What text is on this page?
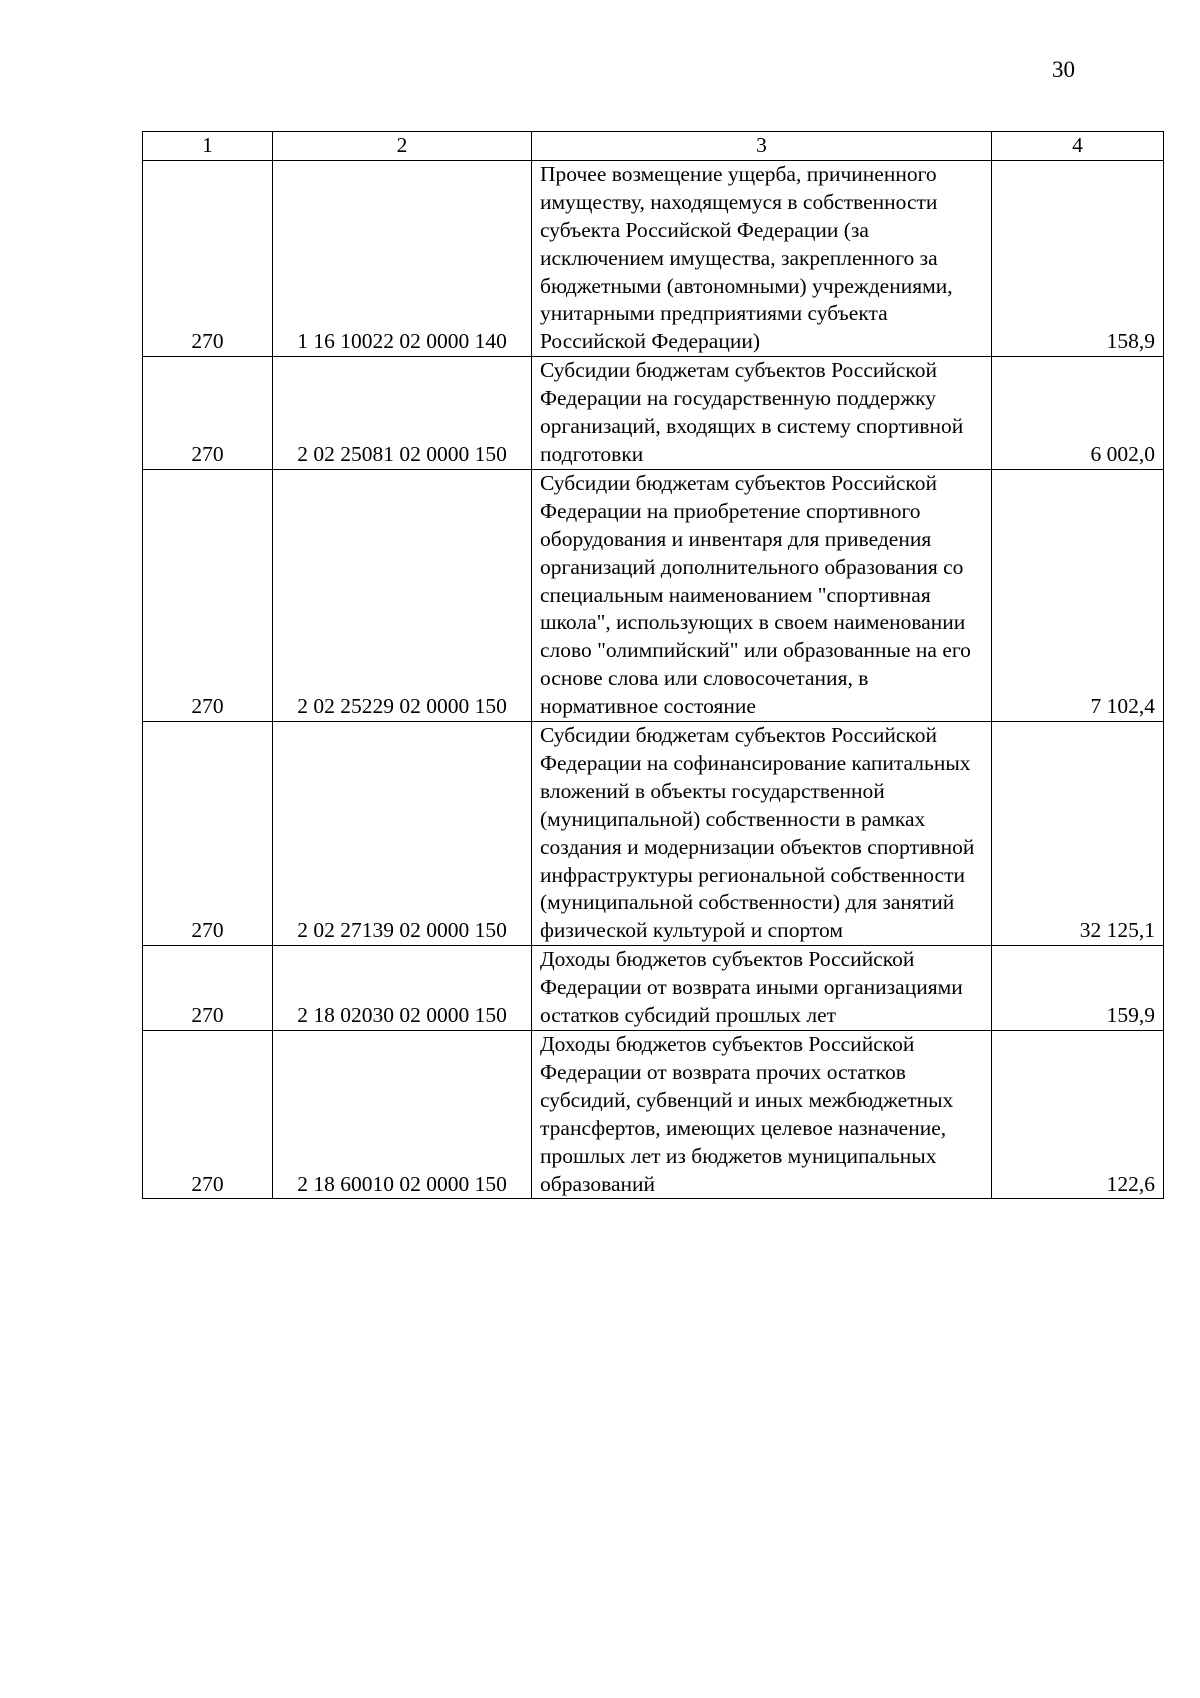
30
1	2	3	4
270	1 16 10022 02 0000 140	Прочее возмещение ущерба, причиненного имуществу, находящемуся в собственности субъекта Российской Федерации (за исключением имущества, закрепленного за бюджетными (автономными) учреждениями, унитарными предприятиями субъекта Российской Федерации)	158,9
270	2 02 25081 02 0000 150	Субсидии бюджетам субъектов Российской Федерации на государственную поддержку организаций, входящих в систему спортивной подготовки	6 002,0
270	2 02 25229 02 0000 150	Субсидии бюджетам субъектов Российской Федерации на приобретение спортивного оборудования и инвентаря для приведения организаций дополнительного образования со специальным наименованием "спортивная школа", использующих в своем наименовании слово "олимпийский" или образованные на его основе слова или словосочетания, в нормативное состояние	7 102,4
270	2 02 27139 02 0000 150	Субсидии бюджетам субъектов Российской Федерации на софинансирование капитальных вложений в объекты государственной (муниципальной) собственности в рамках создания и модернизации объектов спортивной инфраструктуры региональной собственности (муниципальной собственности) для занятий физической культурой и спортом	32 125,1
270	2 18 02030 02 0000 150	Доходы бюджетов субъектов Российской Федерации от возврата иными организациями остатков субсидий прошлых лет	159,9
270	2 18 60010 02 0000 150	Доходы бюджетов субъектов Российской Федерации от возврата прочих остатков субсидий, субвенций и иных межбюджетных трансфертов, имеющих целевое назначение, прошлых лет из бюджетов муниципальных образований	122,6
